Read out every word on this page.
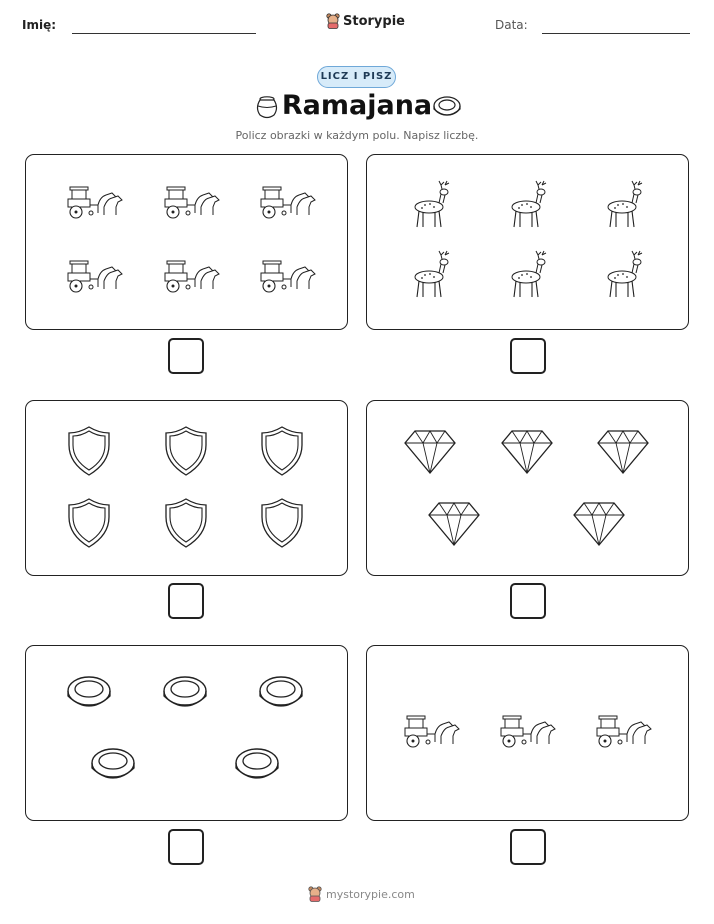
Imię:	Storypie	Data:
LICZ I PISZ
Ramajana
Policz obrazki w każdym polu. Napisz liczbę.
mystorypie.com
